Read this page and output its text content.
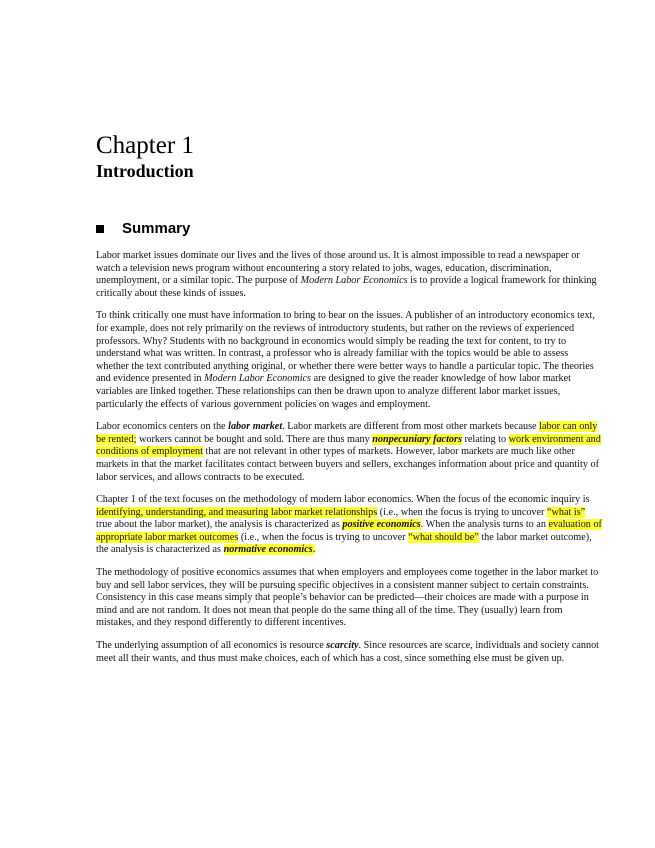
Chapter 1
Introduction
Summary

Labor market issues dominate our lives and the lives of those around us. It is almost impossible to read a newspaper or watch a television news program without encountering a story related to jobs, wages, education, discrimination, unemployment, or a similar topic. The purpose of Modern Labor Economics is to provide a logical framework for thinking critically about these kinds of issues.

To think critically one must have information to bring to bear on the issues. A publisher of an introductory economics text, for example, does not rely primarily on the reviews of introductory students, but rather on the reviews of experienced professors. Why? Students with no background in economics would simply be reading the text for content, to try to understand what was written. In contrast, a professor who is already familiar with the topics would be able to assess whether the text contributed anything original, or whether there were better ways to handle a particular topic. The theories and evidence presented in Modern Labor Economics are designed to give the reader knowledge of how labor market variables are linked together. These relationships can then be drawn upon to analyze different labor market issues, particularly the effects of various government policies on wages and employment.

Labor economics centers on the labor market. Labor markets are different from most other markets because labor can only be rented; workers cannot be bought and sold. There are thus many nonpecuniary factors relating to work environment and conditions of employment that are not relevant in other types of markets. However, labor markets are much like other markets in that the market facilitates contact between buyers and sellers, exchanges information about price and quantity of labor services, and allows contracts to be executed.

Chapter 1 of the text focuses on the methodology of modern labor economics. When the focus of the economic inquiry is identifying, understanding, and measuring labor market relationships (i.e., when the focus is trying to uncover “what is” true about the labor market), the analysis is characterized as positive economics. When the analysis turns to an evaluation of appropriate labor market outcomes (i.e., when the focus is trying to uncover “what should be” the labor market outcome), the analysis is characterized as normative economics.

The methodology of positive economics assumes that when employers and employees come together in the labor market to buy and sell labor services, they will be pursuing specific objectives in a consistent manner subject to certain constraints. Consistency in this case means simply that people’s behavior can be predicted—their choices are made with a purpose in mind and are not random. It does not mean that people do the same thing all of the time. They (usually) learn from mistakes, and they respond differently to different incentives.

The underlying assumption of all economics is resource scarcity. Since resources are scarce, individuals and society cannot meet all their wants, and thus must make choices, each of which has a cost, since something else must be given up.
